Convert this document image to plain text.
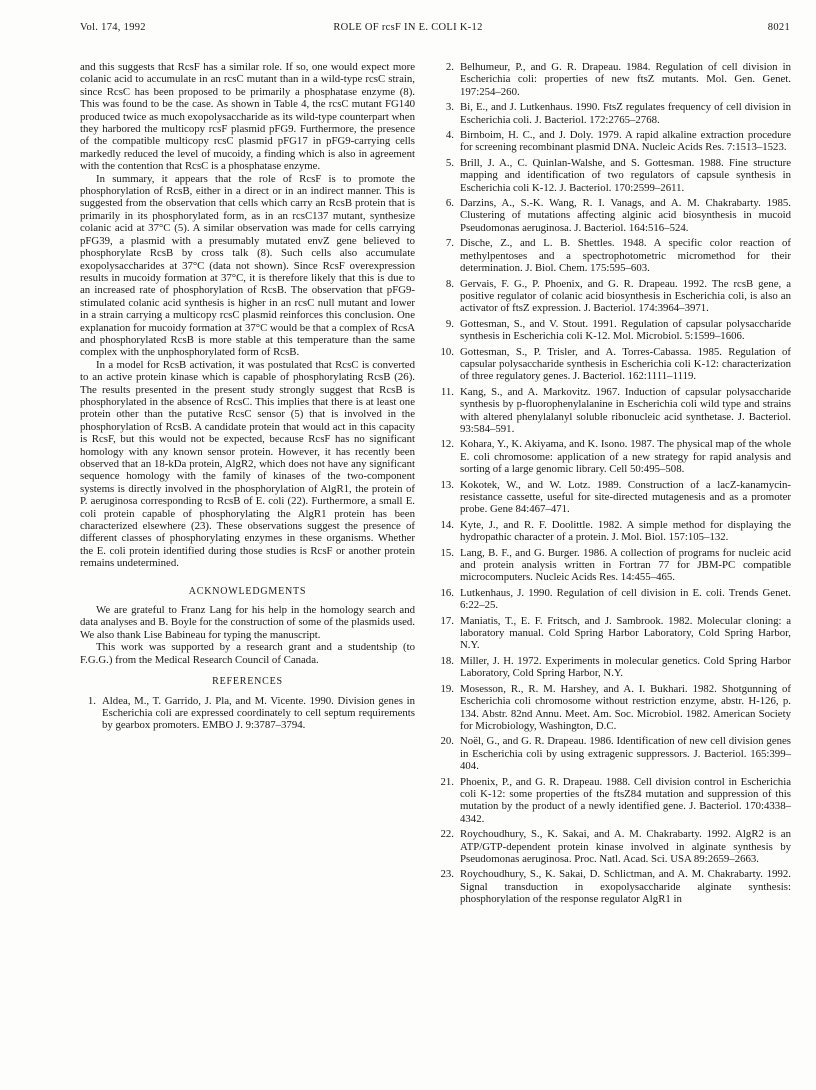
Vol. 174, 1992	ROLE OF rcsF IN E. COLI K-12	8021

and this suggests that RcsF has a similar role. If so, one would expect more colanic acid to accumulate in an rcsC mutant than in a wild-type rcsC strain, since RcsC has been proposed to be primarily a phosphatase enzyme (8). This was found to be the case. As shown in Table 4, the rcsC mutant FG140 produced twice as much exopolysaccharide as its wild-type counterpart when they harbored the multicopy rcsF plasmid pFG9. Furthermore, the presence of the compatible multicopy rcsC plasmid pFG17 in pFG9-carrying cells markedly reduced the level of mucoidy, a finding which is also in agreement with the contention that RcsC is a phosphatase enzyme.

In summary, it appears that the role of RcsF is to promote the phosphorylation of RcsB, either in a direct or in an indirect manner. This is suggested from the observation that cells which carry an RcsB protein that is primarily in its phosphorylated form, as in an rcsC137 mutant, synthesize colanic acid at 37°C (5). A similar observation was made for cells carrying pFG39, a plasmid with a presumably mutated envZ gene believed to phosphorylate RcsB by cross talk (8). Such cells also accumulate exopolysaccharides at 37°C (data not shown). Since RcsF overexpression results in mucoidy formation at 37°C, it is therefore likely that this is due to an increased rate of phosphorylation of RcsB. The observation that pFG9-stimulated colanic acid synthesis is higher in an rcsC null mutant and lower in a strain carrying a multicopy rcsC plasmid reinforces this conclusion. One explanation for mucoidy formation at 37°C would be that a complex of RcsA and phosphorylated RcsB is more stable at this temperature than the same complex with the unphosphorylated form of RcsB.

In a model for RcsB activation, it was postulated that RcsC is converted to an active protein kinase which is capable of phosphorylating RcsB (26). The results presented in the present study strongly suggest that RcsB is phosphorylated in the absence of RcsC. This implies that there is at least one protein other than the putative RcsC sensor (5) that is involved in the phosphorylation of RcsB. A candidate protein that would act in this capacity is RcsF, but this would not be expected, because RcsF has no significant homology with any known sensor protein. However, it has recently been observed that an 18-kDa protein, AlgR2, which does not have any significant sequence homology with the family of kinases of the two-component systems is directly involved in the phosphorylation of AlgR1, the protein of P. aeruginosa corresponding to RcsB of E. coli (22). Furthermore, a small E. coli protein capable of phosphorylating the AlgR1 protein has been characterized elsewhere (23). These observations suggest the presence of different classes of phosphorylating enzymes in these organisms. Whether the E. coli protein identified during those studies is RcsF or another protein remains undetermined.

ACKNOWLEDGMENTS

We are grateful to Franz Lang for his help in the homology search and data analyses and B. Boyle for the construction of some of the plasmids used. We also thank Lise Babineau for typing the manuscript.

This work was supported by a research grant and a studentship (to F.G.G.) from the Medical Research Council of Canada.

REFERENCES
1. Aldea, M., T. Garrido, J. Pla, and M. Vicente. 1990. Division genes in Escherichia coli are expressed coordinately to cell septum requirements by gearbox promoters. EMBO J. 9:3787–3794.
2. Belhumeur, P., and G. R. Drapeau. 1984. Regulation of cell division in Escherichia coli: properties of new ftsZ mutants. Mol. Gen. Genet. 197:254–260.
3. Bi, E., and J. Lutkenhaus. 1990. FtsZ regulates frequency of cell division in Escherichia coli. J. Bacteriol. 172:2765–2768.
4. Birnboim, H. C., and J. Doly. 1979. A rapid alkaline extraction procedure for screening recombinant plasmid DNA. Nucleic Acids Res. 7:1513–1523.
5. Brill, J. A., C. Quinlan-Walshe, and S. Gottesman. 1988. Fine structure mapping and identification of two regulators of capsule synthesis in Escherichia coli K-12. J. Bacteriol. 170:2599–2611.
6. Darzins, A., S.-K. Wang, R. I. Vanags, and A. M. Chakrabarty. 1985. Clustering of mutations affecting alginic acid biosynthesis in mucoid Pseudomonas aeruginosa. J. Bacteriol. 164:516–524.
7. Dische, Z., and L. B. Shettles. 1948. A specific color reaction of methylpentoses and a spectrophotometric micromethod for their determination. J. Biol. Chem. 175:595–603.
8. Gervais, F. G., P. Phoenix, and G. R. Drapeau. 1992. The rcsB gene, a positive regulator of colanic acid biosynthesis in Escherichia coli, is also an activator of ftsZ expression. J. Bacteriol. 174:3964–3971.
9. Gottesman, S., and V. Stout. 1991. Regulation of capsular polysaccharide synthesis in Escherichia coli K-12. Mol. Microbiol. 5:1599–1606.
10. Gottesman, S., P. Trisler, and A. Torres-Cabassa. 1985. Regulation of capsular polysaccharide synthesis in Escherichia coli K-12: characterization of three regulatory genes. J. Bacteriol. 162:1111–1119.
11. Kang, S., and A. Markovitz. 1967. Induction of capsular polysaccharide synthesis by p-fluorophenylalanine in Escherichia coli wild type and strains with altered phenylalanyl soluble ribonucleic acid synthetase. J. Bacteriol. 93:584–591.
12. Kohara, Y., K. Akiyama, and K. Isono. 1987. The physical map of the whole E. coli chromosome: application of a new strategy for rapid analysis and sorting of a large genomic library. Cell 50:495–508.
13. Kokotek, W., and W. Lotz. 1989. Construction of a lacZ-kanamycin-resistance cassette, useful for site-directed mutagenesis and as a promoter probe. Gene 84:467–471.
14. Kyte, J., and R. F. Doolittle. 1982. A simple method for displaying the hydropathic character of a protein. J. Mol. Biol. 157:105–132.
15. Lang, B. F., and G. Burger. 1986. A collection of programs for nucleic acid and protein analysis written in Fortran 77 for JBM-PC compatible microcomputers. Nucleic Acids Res. 14:455–465.
16. Lutkenhaus, J. 1990. Regulation of cell division in E. coli. Trends Genet. 6:22–25.
17. Maniatis, T., E. F. Fritsch, and J. Sambrook. 1982. Molecular cloning: a laboratory manual. Cold Spring Harbor Laboratory, Cold Spring Harbor, N.Y.
18. Miller, J. H. 1972. Experiments in molecular genetics. Cold Spring Harbor Laboratory, Cold Spring Harbor, N.Y.
19. Mosesson, R., R. M. Harshey, and A. I. Bukhari. 1982. Shotgunning of Escherichia coli chromosome without restriction enzyme, abstr. H-126, p. 134. Abstr. 82nd Annu. Meet. Am. Soc. Microbiol. 1982. American Society for Microbiology, Washington, D.C.
20. Noël, G., and G. R. Drapeau. 1986. Identification of new cell division genes in Escherichia coli by using extragenic suppressors. J. Bacteriol. 165:399–404.
21. Phoenix, P., and G. R. Drapeau. 1988. Cell division control in Escherichia coli K-12: some properties of the ftsZ84 mutation and suppression of this mutation by the product of a newly identified gene. J. Bacteriol. 170:4338–4342.
22. Roychoudhury, S., K. Sakai, and A. M. Chakrabarty. 1992. AlgR2 is an ATP/GTP-dependent protein kinase involved in alginate synthesis by Pseudomonas aeruginosa. Proc. Natl. Acad. Sci. USA 89:2659–2663.
23. Roychoudhury, S., K. Sakai, D. Schlictman, and A. M. Chakrabarty. 1992. Signal transduction in exopolysaccharide alginate synthesis: phosphorylation of the response regulator AlgR1 in
